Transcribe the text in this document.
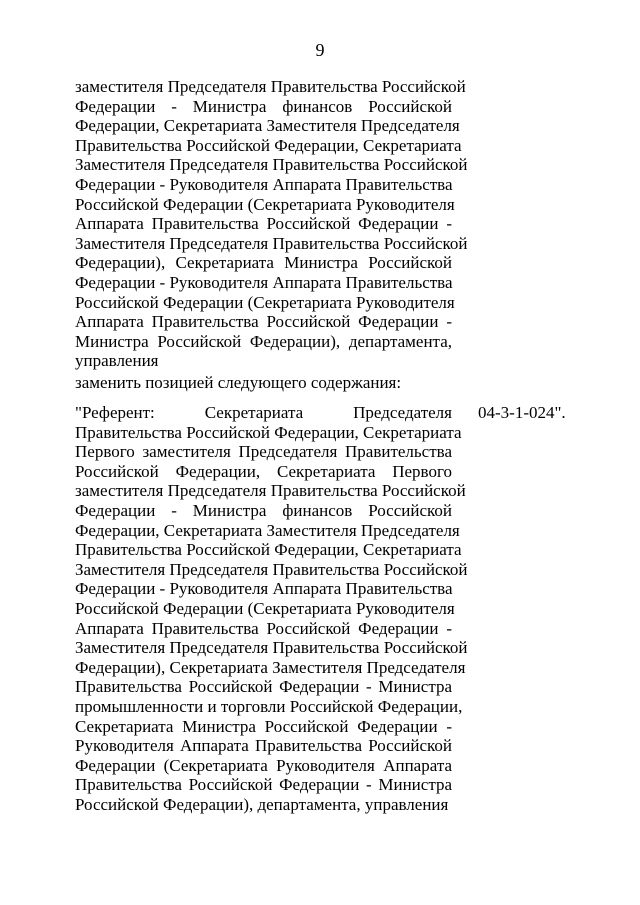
9
заместителя Председателя Правительства Российской
Федерации - Министра финансов Российской
Федерации, Секретариата Заместителя Председателя
Правительства Российской Федерации, Секретариата
Заместителя Председателя Правительства Российской
Федерации - Руководителя Аппарата Правительства
Российской Федерации (Секретариата Руководителя
Аппарата Правительства Российской Федерации -
Заместителя Председателя Правительства Российской
Федерации), Секретариата Министра Российской
Федерации - Руководителя Аппарата Правительства
Российской Федерации (Секретариата Руководителя
Аппарата Правительства Российской Федерации -
Министра Российской Федерации), департамента,
управления
заменить позицией следующего содержания:
"Референт: Секретариата Председателя
Правительства Российской Федерации, Секретариата
Первого заместителя Председателя Правительства
Российской Федерации, Секретариата Первого
заместителя Председателя Правительства Российской
Федерации - Министра финансов Российской
Федерации, Секретариата Заместителя Председателя
Правительства Российской Федерации, Секретариата
Заместителя Председателя Правительства Российской
Федерации - Руководителя Аппарата Правительства
Российской Федерации (Секретариата Руководителя
Аппарата Правительства Российской Федерации -
Заместителя Председателя Правительства Российской
Федерации), Секретариата Заместителя Председателя
Правительства Российской Федерации - Министра
промышленности и торговли Российской Федерации,
Секретариата Министра Российской Федерации -
Руководителя Аппарата Правительства Российской
Федерации (Секретариата Руководителя Аппарата
Правительства Российской Федерации - Министра
Российской Федерации), департамента, управления
04-3-1-024".
